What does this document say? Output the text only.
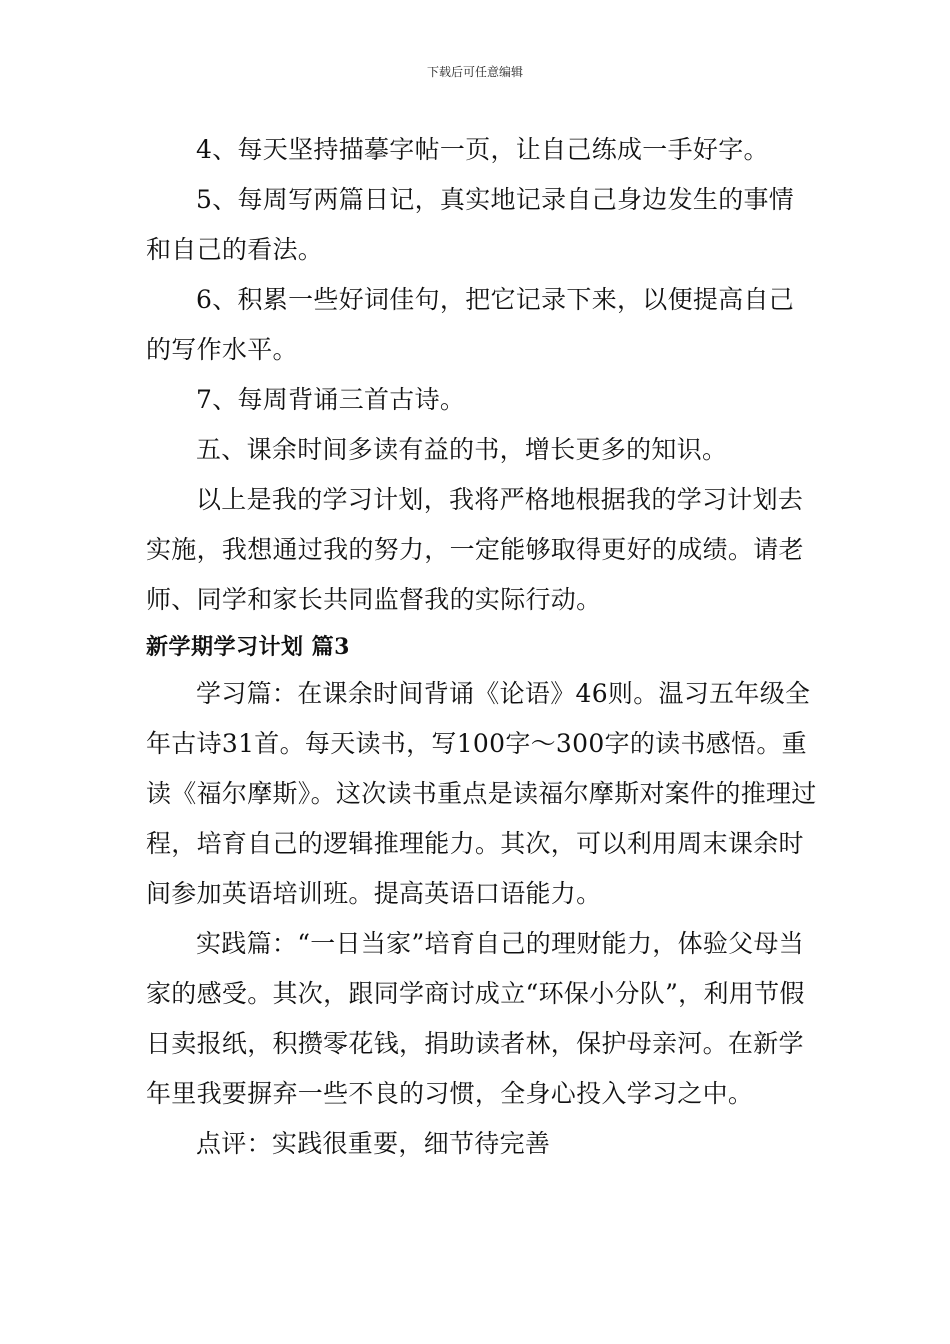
下载后可任意编辑

4、每天坚持描摹字帖一页，让自己练成一手好字。

5、每周写两篇日记，真实地记录自己身边发生的事情和自己的看法。

6、积累一些好词佳句，把它记录下来，以便提高自己的写作水平。

7、每周背诵三首古诗。

五、课余时间多读有益的书，增长更多的知识。

以上是我的学习计划，我将严格地根据我的学习计划去实施，我想通过我的努力，一定能够取得更好的成绩。请老师、同学和家长共同监督我的实际行动。

新学期学习计划 篇3

学习篇：在课余时间背诵《论语》46则。温习五年级全年古诗31首。每天读书，写100字～300字的读书感悟。重读《福尔摩斯》。这次读书重点是读福尔摩斯对案件的推理过程，培育自己的逻辑推理能力。其次，可以利用周末课余时间参加英语培训班。提高英语口语能力。

实践篇：“一日当家”培育自己的理财能力，体验父母当家的感受。其次，跟同学商讨成立“环保小分队”，利用节假日卖报纸，积攒零花钱，捐助读者林，保护母亲河。在新学年里我要摒弃一些不良的习惯，全身心投入学习之中。

点评：实践很重要，细节待完善
